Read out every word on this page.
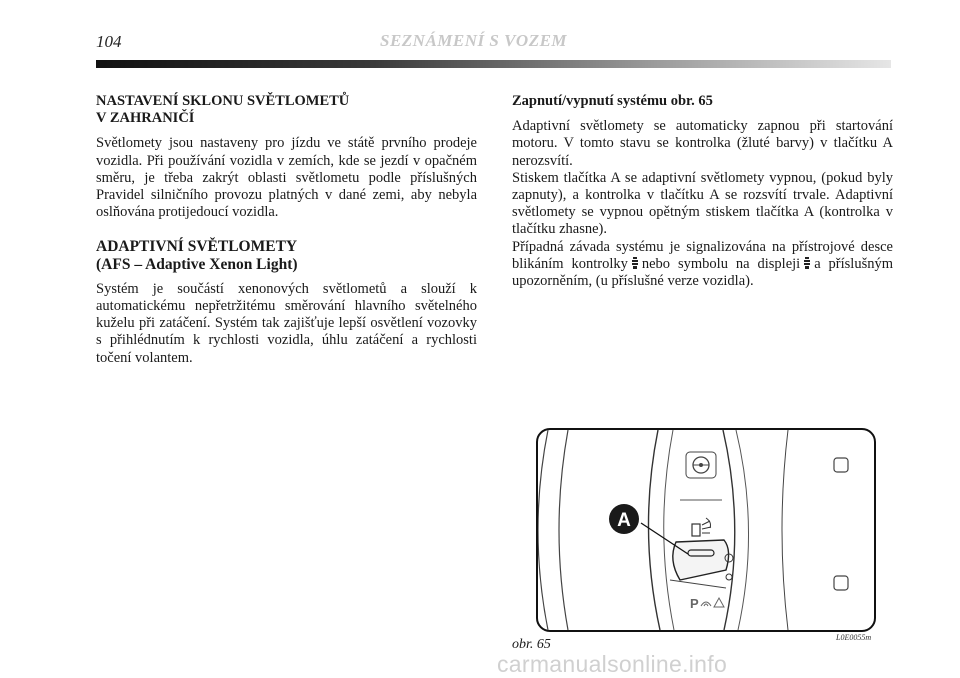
104	SEZNÁMENÍ S VOZEM
NASTAVENÍ SKLONU SVĚTLOMETŮ
V ZAHRANIČÍ

Světlomety jsou nastaveny pro jízdu ve státě prvního prodeje vozidla. Při používání vozidla v zemích, kde se jezdí v opačném směru, je třeba zakrýt oblasti světlometu podle příslušných Pravidel silničního provozu platných v dané zemi, aby nebyla oslňována protijedoucí vozidla.

ADAPTIVNÍ SVĚTLOMETY
(AFS – Adaptive Xenon Light)

Systém je součástí xenonových světlometů a slouží k automatickému nepřetržitému směrování hlavního světelného kuželu při zatáčení. Systém tak zajišťuje lepší osvětlení vozovky s přihlédnutím k rychlosti vozidla, úhlu zatáčení a rychlosti točení volantem.

Zapnutí/vypnutí systému obr. 65

Adaptivní světlomety se automaticky zapnou při startování motoru. V tomto stavu se kontrolka (žluté barvy) v tlačítku A nerozsvítí.

Stiskem tlačítka A se adaptivní světlomety vypnou, (pokud byly zapnuty), a kontrolka v tlačítku A se rozsvítí trvale. Adaptivní světlomety se vypnou opětným stiskem tlačítka A (kontrolka v tlačítku zhasne).

Případná závada systému je signalizována na přístrojové desce blikáním kontrolky nebo symbolu na displeji a příslušným upozorněním, (u příslušné verze vozidla).

A
P
obr. 65	L0E0055m
carmanualsonline.info
